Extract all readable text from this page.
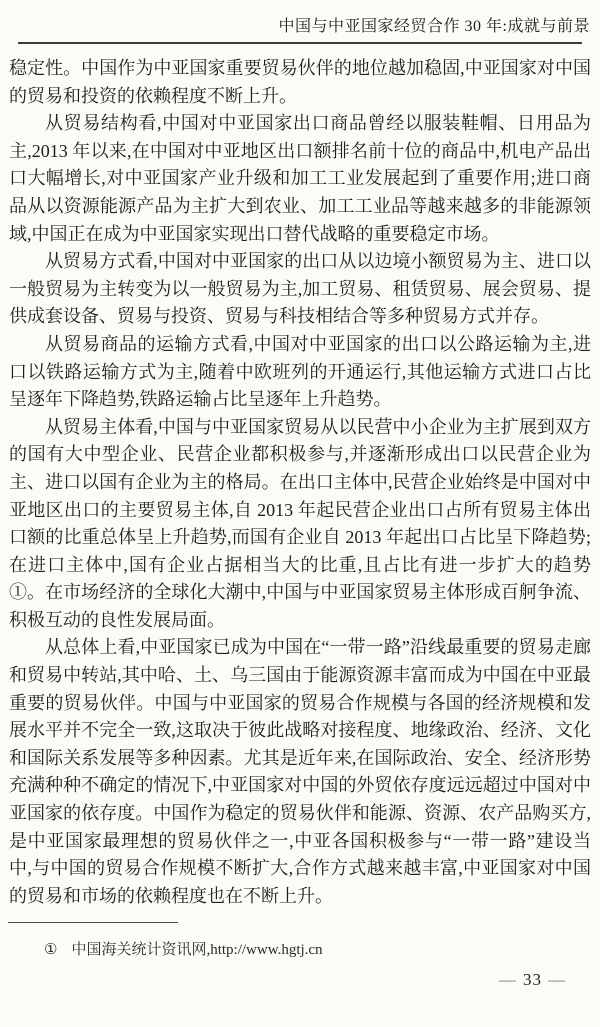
中国与中亚国家经贸合作 30 年:成就与前景

稳定性。中国作为中亚国家重要贸易伙伴的地位越加稳固,中亚国家对中国的贸易和投资的依赖程度不断上升。

从贸易结构看,中国对中亚国家出口商品曾经以服装鞋帽、日用品为主,2013 年以来,在中国对中亚地区出口额排名前十位的商品中,机电产品出口大幅增长,对中亚国家产业升级和加工工业发展起到了重要作用;进口商品从以资源能源产品为主扩大到农业、加工工业品等越来越多的非能源领域,中国正在成为中亚国家实现出口替代战略的重要稳定市场。

从贸易方式看,中国对中亚国家的出口从以边境小额贸易为主、进口以一般贸易为主转变为以一般贸易为主,加工贸易、租赁贸易、展会贸易、提供成套设备、贸易与投资、贸易与科技相结合等多种贸易方式并存。

从贸易商品的运输方式看,中国对中亚国家的出口以公路运输为主,进口以铁路运输方式为主,随着中欧班列的开通运行,其他运输方式进口占比呈逐年下降趋势,铁路运输占比呈逐年上升趋势。

从贸易主体看,中国与中亚国家贸易从以民营中小企业为主扩展到双方的国有大中型企业、民营企业都积极参与,并逐渐形成出口以民营企业为主、进口以国有企业为主的格局。在出口主体中,民营企业始终是中国对中亚地区出口的主要贸易主体,自 2013 年起民营企业出口占所有贸易主体出口额的比重总体呈上升趋势,而国有企业自 2013 年起出口占比呈下降趋势;在进口主体中,国有企业占据相当大的比重,且占比有进一步扩大的趋势①。在市场经济的全球化大潮中,中国与中亚国家贸易主体形成百舸争流、积极互动的良性发展局面。

从总体上看,中亚国家已成为中国在“一带一路”沿线最重要的贸易走廊和贸易中转站,其中哈、土、乌三国由于能源资源丰富而成为中国在中亚最重要的贸易伙伴。中国与中亚国家的贸易合作规模与各国的经济规模和发展水平并不完全一致,这取决于彼此战略对接程度、地缘政治、经济、文化和国际关系发展等多种因素。尤其是近年来,在国际政治、安全、经济形势充满种种不确定的情况下,中亚国家对中国的外贸依存度远远超过中国对中亚国家的依存度。中国作为稳定的贸易伙伴和能源、资源、农产品购买方,是中亚国家最理想的贸易伙伴之一,中亚各国积极参与“一带一路”建设当中,与中国的贸易合作规模不断扩大,合作方式越来越丰富,中亚国家对中国的贸易和市场的依赖程度也在不断上升。

① 中国海关统计资讯网,http://www.hgtj.cn
— 33 —
